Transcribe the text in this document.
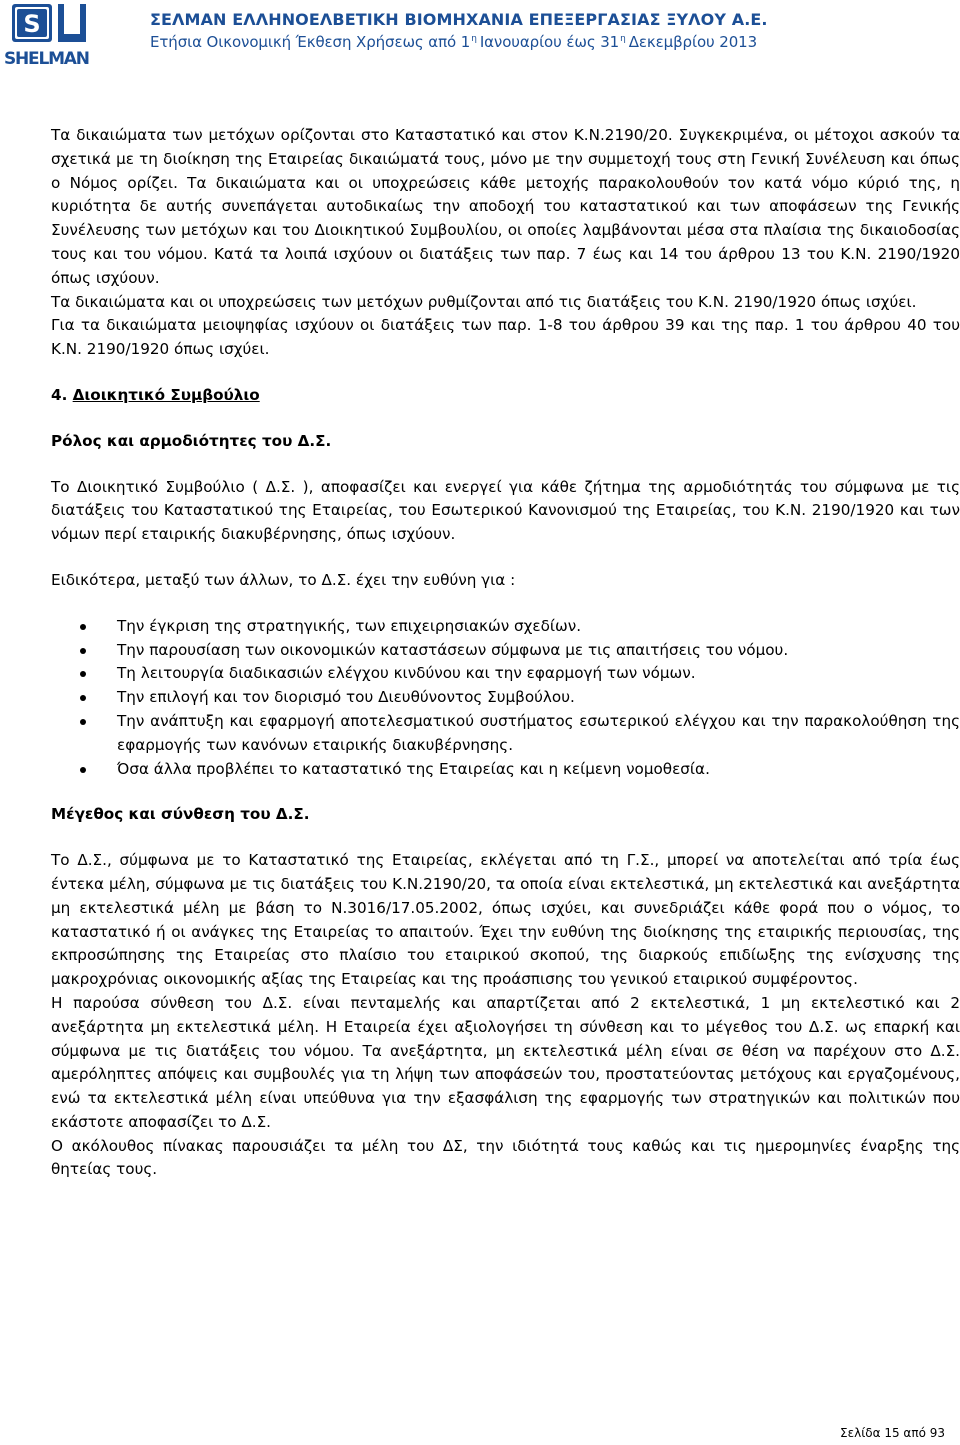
S
SHELMAN
ΣΕΛΜΑΝ ΕΛΛΗΝΟΕΛΒΕΤΙΚΗ ΒΙΟΜΗΧΑΝΙΑ ΕΠΕΞΕΡΓΑΣΙΑΣ ΞΥΛΟΥ Α.Ε.
Ετήσια Οικονομική Έκθεση Χρήσεως από $1^\eta$ Ιανουαρίου έως $31^\eta$ Δεκεμβρίου 2013

Τα δικαιώματα των μετόχων ορίζονται στο Καταστατικό και στον Κ.Ν.2190/20. Συγκεκριμένα, οι μέτοχοι ασκούν τα σχετικά με τη διοίκηση της Εταιρείας δικαιώματά τους, μόνο με την συμμετοχή τους στη Γενική Συνέλευση και όπως ο Νόμος ορίζει. Τα δικαιώματα και οι υποχρεώσεις κάθε μετοχής παρακολουθούν τον κατά νόμο κύριό της, η κυριότητα δε αυτής συνεπάγεται αυτοδικαίως την αποδοχή του καταστατικού και των αποφάσεων της Γενικής Συνέλευσης των μετόχων και του Διοικητικού Συμβουλίου, οι οποίες λαμβάνονται μέσα στα πλαίσια της δικαιοδοσίας τους και του νόμου. Κατά τα λοιπά ισχύουν οι διατάξεις των παρ. 7 έως και 14 του άρθρου 13 του Κ.Ν. 2190/1920 όπως ισχύουν.

Τα δικαιώματα και οι υποχρεώσεις των μετόχων ρυθμίζονται από τις διατάξεις του Κ.Ν. 2190/1920 όπως ισχύει.

Για τα δικαιώματα μειοψηφίας ισχύουν οι διατάξεις των παρ. 1-8 του άρθρου 39 και της παρ. 1 του άρθρου 40 του Κ.Ν. 2190/1920 όπως ισχύει.

4. Διοικητικό Συμβούλιο
Ρόλος και αρμοδιότητες του Δ.Σ.

Το Διοικητικό Συμβούλιο ( Δ.Σ. ), αποφασίζει και ενεργεί για κάθε ζήτημα της αρμοδιότητάς του σύμφωνα με τις διατάξεις του Καταστατικού της Εταιρείας, του Εσωτερικού Κανονισμού της Εταιρείας, του Κ.Ν. 2190/1920 και των νόμων περί εταιρικής διακυβέρνησης, όπως ισχύουν.

Ειδικότερα, μεταξύ των άλλων, το Δ.Σ. έχει την ευθύνη για :

Την έγκριση της στρατηγικής, των επιχειρησιακών σχεδίων.
Την παρουσίαση των οικονομικών καταστάσεων σύμφωνα με τις απαιτήσεις του νόμου.
Τη λειτουργία διαδικασιών ελέγχου κινδύνου και την εφαρμογή των νόμων.
Την επιλογή και τον διορισμό του Διευθύνοντος Συμβούλου.
Την ανάπτυξη και εφαρμογή αποτελεσματικού συστήματος εσωτερικού ελέγχου και την παρακολούθηση της εφαρμογής των κανόνων εταιρικής διακυβέρνησης.
Όσα άλλα προβλέπει το καταστατικό της Εταιρείας και η κείμενη νομοθεσία.
Μέγεθος και σύνθεση του Δ.Σ.

Το Δ.Σ., σύμφωνα με το Καταστατικό της Εταιρείας, εκλέγεται από τη Γ.Σ., μπορεί να αποτελείται από τρία έως έντεκα μέλη, σύμφωνα με τις διατάξεις του Κ.Ν.2190/20, τα οποία είναι εκτελεστικά, μη εκτελεστικά και ανεξάρτητα μη εκτελεστικά μέλη με βάση το Ν.3016/17.05.2002, όπως ισχύει, και συνεδριάζει κάθε φορά που ο νόμος, το καταστατικό ή οι ανάγκες της Εταιρείας το απαιτούν. Έχει την ευθύνη της διοίκησης της εταιρικής περιουσίας, της εκπροσώπησης της Εταιρείας στο πλαίσιο του εταιρικού σκοπού, της διαρκούς επιδίωξης της ενίσχυσης της μακροχρόνιας οικονομικής αξίας της Εταιρείας και της προάσπισης του γενικού εταιρικού συμφέροντος.

Η παρούσα σύνθεση του Δ.Σ. είναι πενταμελής και απαρτίζεται από 2 εκτελεστικά, 1 μη εκτελεστικό και 2 ανεξάρτητα μη εκτελεστικά μέλη. Η Εταιρεία έχει αξιολογήσει τη σύνθεση και το μέγεθος του Δ.Σ. ως επαρκή και σύμφωνα με τις διατάξεις του νόμου. Τα ανεξάρτητα, μη εκτελεστικά μέλη είναι σε θέση να παρέχουν στο Δ.Σ. αμερόληπτες απόψεις και συμβουλές για τη λήψη των αποφάσεών του, προστατεύοντας μετόχους και εργαζομένους, ενώ τα εκτελεστικά μέλη είναι υπεύθυνα για την εξασφάλιση της εφαρμογής των στρατηγικών και πολιτικών που εκάστοτε αποφασίζει το Δ.Σ.

Ο ακόλουθος πίνακας παρουσιάζει τα μέλη του ΔΣ, την ιδιότητά τους καθώς και τις ημερομηνίες έναρξης της θητείας τους.

Σελίδα 15 από 93
